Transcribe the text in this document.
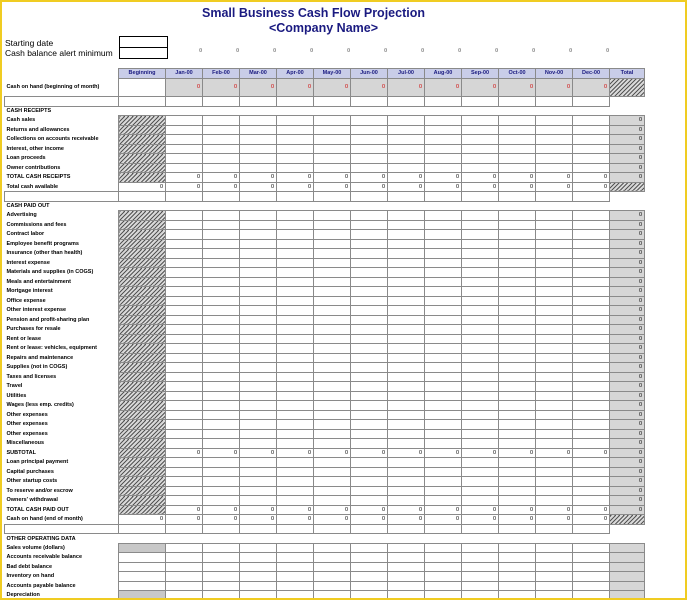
Small Business Cash Flow Projection
<Company Name>
Starting date
Cash balance alert minimum	¤	¤	¤	¤	¤	¤	¤	¤	¤	¤	¤	¤
	Beginning	Jan-00	Feb-00	Mar-00	Apr-00	May-00	Jun-00	Jul-00	Aug-00	Sep-00	Oct-00	Nov-00	Dec-00	Total
Cash on hand (beginning of month)		0	0	0	0	0	0	0	0	0	0	0	0	

CASH RECEIPTS														
Cash sales														0
Returns and allowances														0
Collections on accounts receivable														0
Interest, other income														0
Loan proceeds														0
Owner contributions														0
TOTAL CASH RECEIPTS		0	0	0	0	0	0	0	0	0	0	0	0	0
Total cash available	0	0	0	0	0	0	0	0	0	0	0	0	0	

CASH PAID OUT														
Advertising														0
Commissions and fees														0
Contract labor														0
Employee benefit programs														0
Insurance (other than health)														0
Interest expense														0
Materials and supplies (in COGS)														0
Meals and entertainment														0
Mortgage interest														0
Office expense														0
Other interest expense														0
Pension and profit-sharing plan														0
Purchases for resale														0
Rent or lease														0
Rent or lease: vehicles, equipment														0
Repairs and maintenance														0
Supplies (not in COGS)														0
Taxes and licenses														0
Travel														0
Utilities														0
Wages (less emp. credits)														0
Other expenses														0
Other expenses														0
Other expenses														0
Miscellaneous														0
SUBTOTAL		0	0	0	0	0	0	0	0	0	0	0	0	0
Loan principal payment														0
Capital purchases														0
Other startup costs														0
To reserve and/or escrow														0
Owners' withdrawal														0
TOTAL CASH PAID OUT		0	0	0	0	0	0	0	0	0	0	0	0	0
Cash on hand (end of month)	0	0	0	0	0	0	0	0	0	0	0	0	0	

OTHER OPERATING DATA														
Sales volume (dollars)														
Accounts receivable balance														
Bad debt balance														
Inventory on hand														
Accounts payable balance														
Depreciation														
